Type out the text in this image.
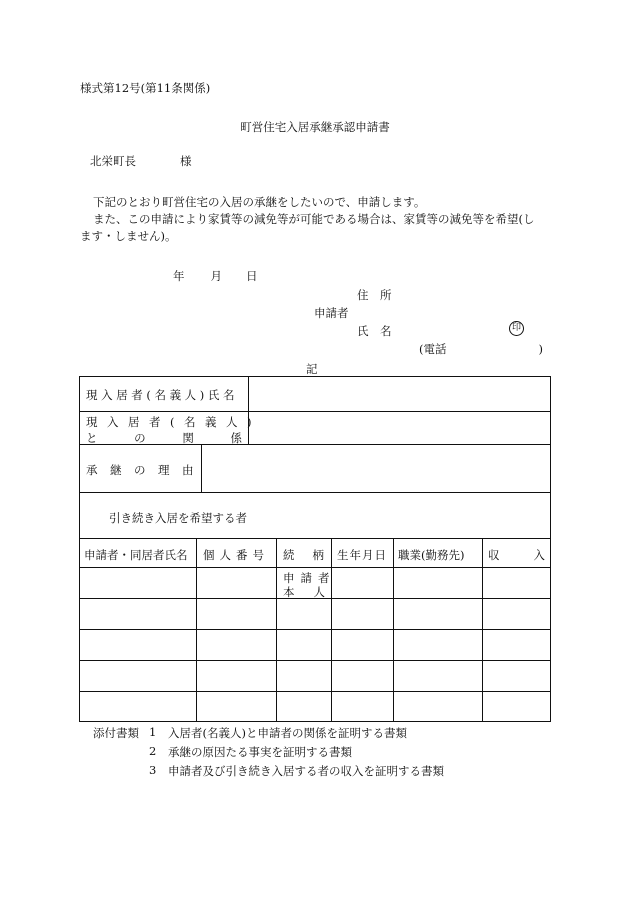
様式第12号(第11条関係)
町営住宅入居承継承認申請書
北栄町長	様
下記のとおり町営住宅の入居の承継をしたいので、申請します。
また、この申請により家賃等の減免等が可能である場合は、家賃等の減免等を希望(し
ます・しません)。
年 月 日
住　所
申請者
氏　名	印
(電話　　　　　　　　)
記
現入居者(名義人)氏名
現入居者(名義人)
と　の　関　係
承継の理由
引き続き入居を希望する者
申請者・同居者氏名 個人番号 続柄
生年月日 職業(勤務先) 収　入
申請者
本人
添付書類 1 入居者(名義人)と申請者の関係を証明する書類
2 承継の原因たる事実を証明する書類
3 申請者及び引き続き入居する者の収入を証明する書類
